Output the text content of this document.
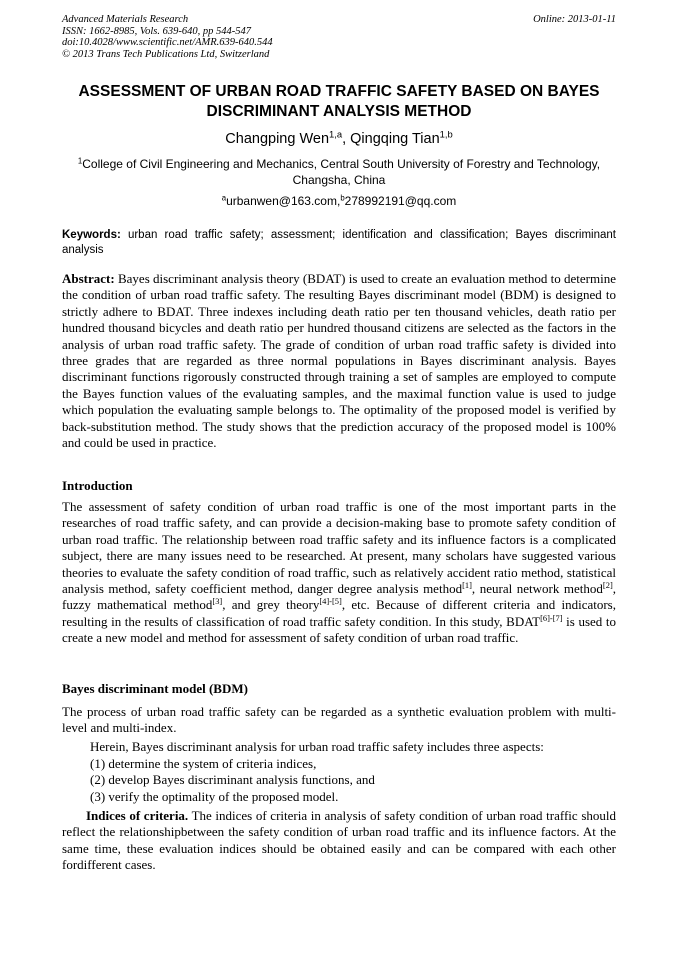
Advanced Materials Research
ISSN: 1662-8985, Vols. 639-640, pp 544-547
doi:10.4028/www.scientific.net/AMR.639-640.544
© 2013 Trans Tech Publications Ltd, Switzerland
Online: 2013-01-11
ASSESSMENT OF URBAN ROAD TRAFFIC SAFETY BASED ON BAYES
DISCRIMINANT ANALYSIS METHOD
Changping Wen$^{1,a}$, Qingqing Tian$^{1,b}$
$^1$College of Civil Engineering and Mechanics, Central South University of Forestry and Technology, Changsha, China
$^a$urbanwen@163.com,$^b$278992191@qq.com
Keywords: urban road traffic safety; assessment; identification and classification; Bayes discriminant analysis
Abstract: Bayes discriminant analysis theory (BDAT) is used to create an evaluation method to determine the condition of urban road traffic safety. The resulting Bayes discriminant model (BDM) is designed to strictly adhere to BDAT. Three indexes including death ratio per ten thousand vehicles, death ratio per hundred thousand bicycles and death ratio per hundred thousand citizens are selected as the factors in the analysis of urban road traffic safety. The grade of condition of urban road traffic safety is divided into three grades that are regarded as three normal populations in Bayes discriminant analysis. Bayes discriminant functions rigorously constructed through training a set of samples are employed to compute the Bayes function values of the evaluating samples, and the maximal function value is used to judge which population the evaluating sample belongs to. The optimality of the proposed model is verified by back-substitution method. The study shows that the prediction accuracy of the proposed model is 100% and could be used in practice.
Introduction
The assessment of safety condition of urban road traffic is one of the most important parts in the researches of road traffic safety, and can provide a decision-making base to promote safety condition of urban road traffic. The relationship between road traffic safety and its influence factors is a complicated subject, there are many issues need to be researched. At present, many scholars have suggested various theories to evaluate the safety condition of road traffic, such as relatively accident ratio method, statistical analysis method, safety coefficient method, danger degree analysis method[1], neural network method[2], fuzzy mathematical method[3], and grey theory[4]-[5], etc. Because of different criteria and indicators, resulting in the results of classification of road traffic safety condition. In this study, BDAT[6]-[7] is used to create a new model and method for assessment of safety condition of urban road traffic.
Bayes discriminant model (BDM)
The process of urban road traffic safety can be regarded as a synthetic evaluation problem with multi-level and multi-index.
Herein, Bayes discriminant analysis for urban road traffic safety includes three aspects:
(1) determine the system of criteria indices,
(2) develop Bayes discriminant analysis functions, and
(3) verify the optimality of the proposed model.
Indices of criteria. The indices of criteria in analysis of safety condition of urban road traffic should reflect the relationshipbetween the safety condition of urban road traffic and its influence factors. At the same time, these evaluation indices should be obtained easily and can be compared with each other fordifferent cases.
